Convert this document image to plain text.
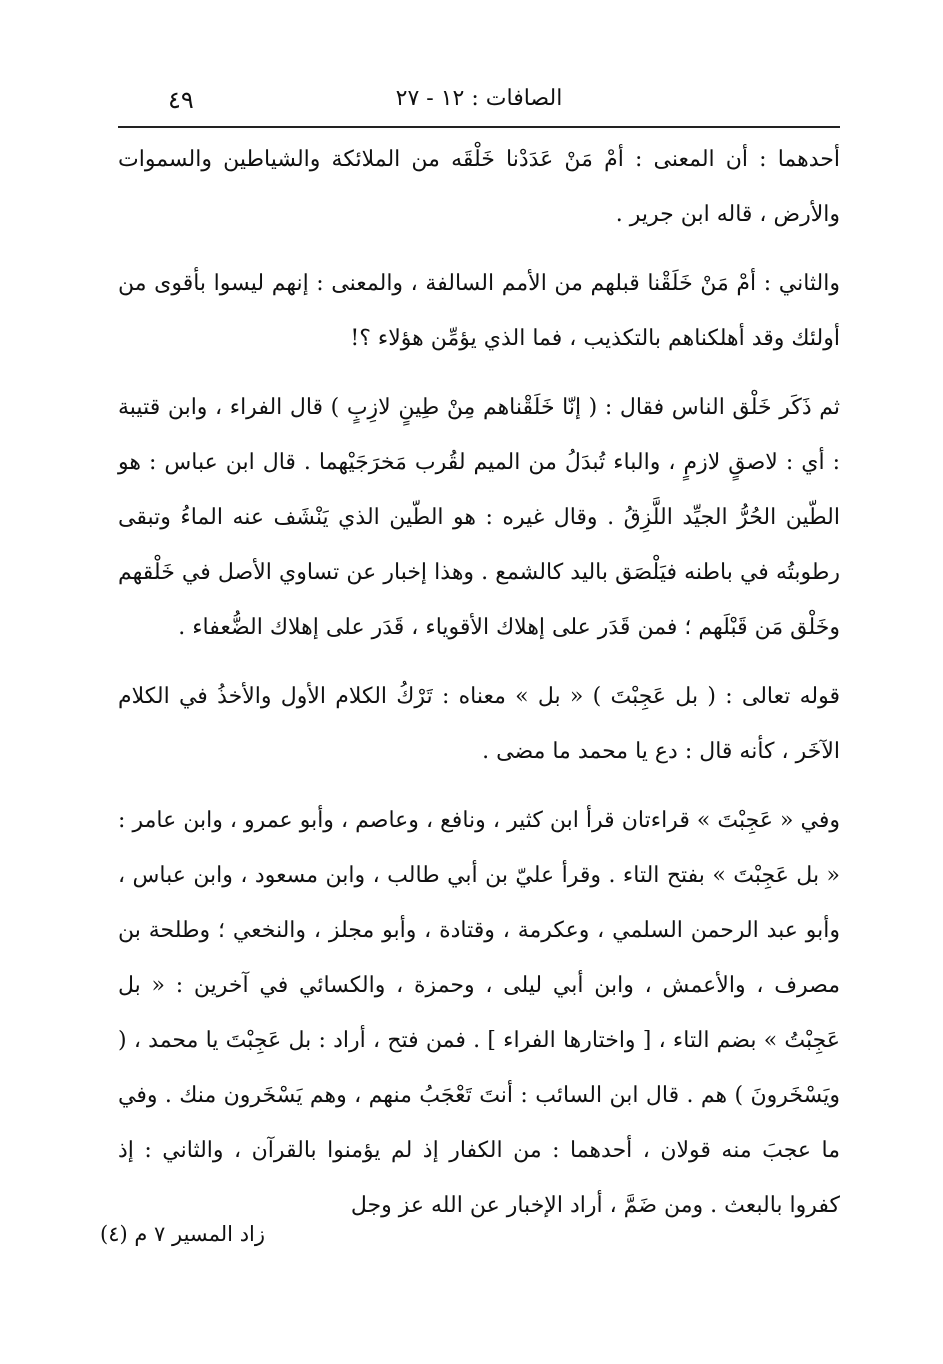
٤٩	الصافات : ١٢ - ٢٧

أحدهما : أن المعنى : أمْ مَنْ عَدَدْنا خَلْقَه من الملائكة والشياطين والسموات والأرض ، قاله ابن جرير .

والثاني : أمْ مَنْ خَلَقْنا قبلهم من الأمم السالفة ، والمعنى : إنهم ليسوا بأقوى من أولئك وقد أهلكناهم بالتكذيب ، فما الذي يؤمِّن هؤلاء ؟!

ثم ذَكَر خَلْق الناس فقال : ( إنّا خَلَقْناهم مِنْ طِينٍ لازِبٍ ) قال الفراء ، وابن قتيبة : أي : لاصقٍ لازمٍ ، والباء تُبدَلُ من الميم لقُرب مَخرَجَيْهما . قال ابن عباس : هو الطّين الحُرُّ الجيِّد اللَّزِقُ . وقال غيره : هو الطّين الذي يَنْشَف عنه الماءُ وتبقى رطوبتُه في باطنه فيَلْصَق باليد كالشمع . وهذا إخبار عن تساوي الأصل في خَلْقهم وخَلْق مَن قَبْلَهم ؛ فمن قَدَر على إهلاك الأقوياء ، قَدَر على إهلاك الضُّعفاء .

قوله تعالى : ( بل عَجِبْتَ ) « بل » معناه : تَرْكُ الكلام الأول والأخذُ في الكلام الآخَر ، كأنه قال : دع يا محمد ما مضى .

وفي « عَجِبْتَ » قراءتان قرأ ابن كثير ، ونافع ، وعاصم ، وأبو عمرو ، وابن عامر : « بل عَجِبْتَ » بفتح التاء . وقرأ عليّ بن أبي طالب ، وابن مسعود ، وابن عباس ، وأبو عبد الرحمن السلمي ، وعكرمة ، وقتادة ، وأبو مجلز ، والنخعي ؛ وطلحة بن مصرف ، والأعمش ، وابن أبي ليلى ، وحمزة ، والكسائي في آخرين : « بل عَجِبْتُ » بضم التاء ، [ واختارها الفراء ] . فمن فتح ، أراد : بل عَجِبْتَ يا محمد ، ( ويَسْخَرونَ ) هم . قال ابن السائب : أنتَ تَعْجَبُ منهم ، وهم يَسْخَرون منك . وفي ما عجبَ منه قولان ، أحدهما : من الكفار إذ لم يؤمنوا بالقرآن ، والثاني : إذ كفروا بالبعث . ومن ضَمَّ ، أراد الإخبار عن الله عز وجل

زاد المسير ٧ م (٤)
